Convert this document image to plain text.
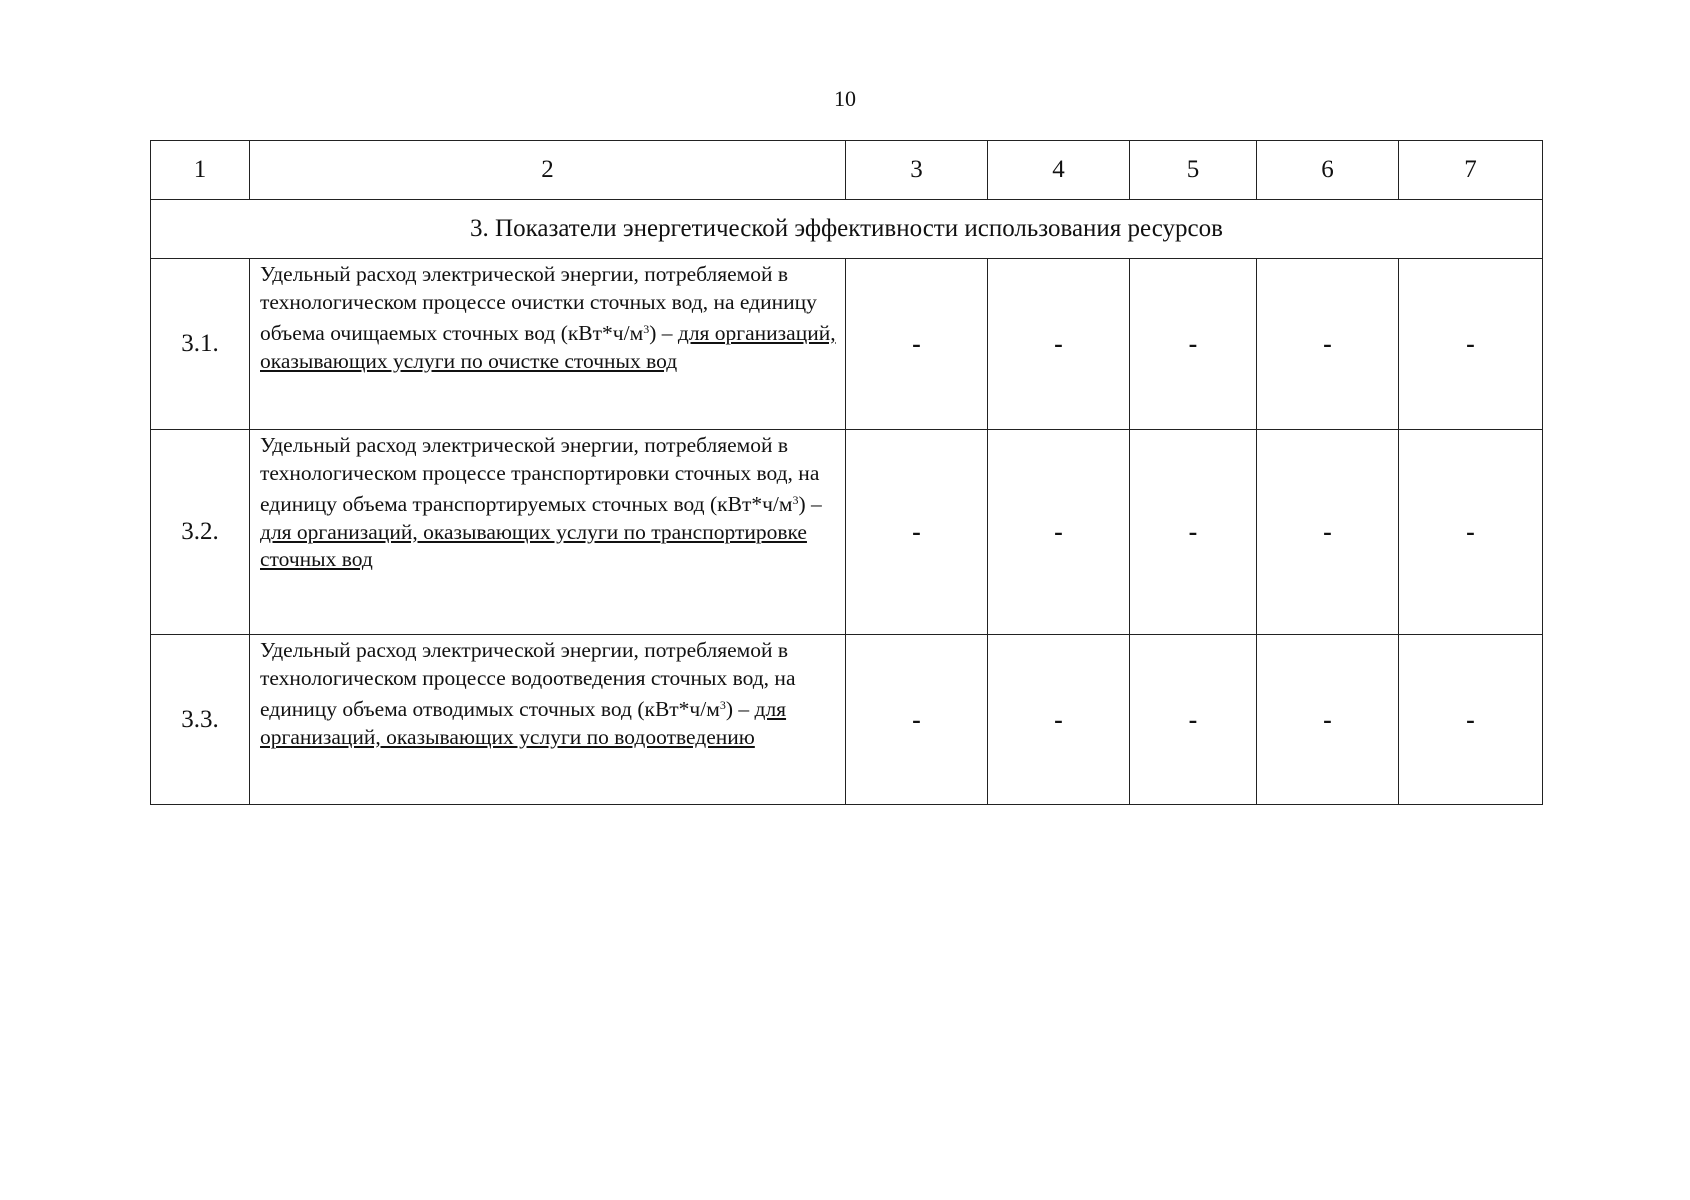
10
1	2	3	4	5	6	7
3. Показатели энергетической эффективности использования ресурсов						
3.1.	Удельный расход электрической энергии, потребляемой в технологическом процессе очистки сточных вод, на единицу объема очищаемых сточных вод $(кВт*ч/м^3)$ – для организаций, оказывающих услуги по очистке сточных вод	-	-	-	-	-
3.2.	Удельный расход электрической энергии, потребляемой в технологическом процессе транспортировки сточных вод, на единицу объема транспортируемых сточных вод $(кВт*ч/м^3)$ – для организаций, оказывающих услуги по транспортировке сточных вод	-	-	-	-	-
3.3.	Удельный расход электрической энергии, потребляемой в технологическом процессе водоотведения сточных вод, на единицу объема отводимых сточных вод $(кВт*ч/м^3)$ – для организаций, оказывающих услуги по водоотведению	-	-	-	-	-
